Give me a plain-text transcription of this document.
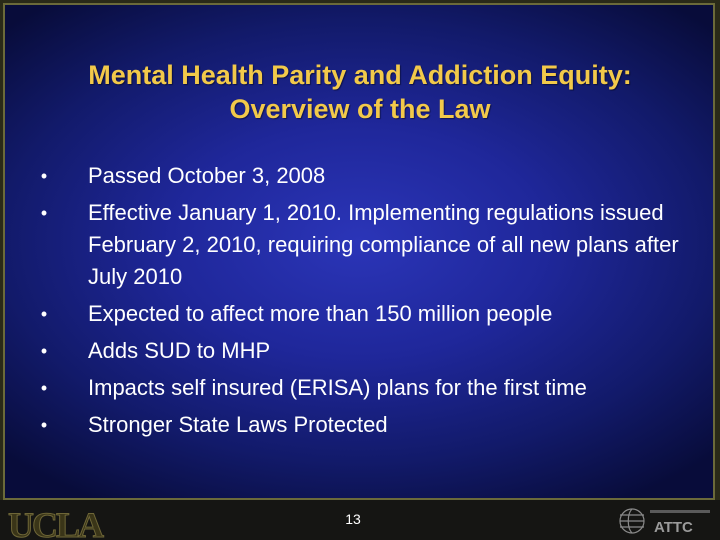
Mental Health Parity and Addiction Equity: Overview of the Law
•	Passed October 3, 2008
•	Effective January 1, 2010. Implementing regulations issued February 2, 2010, requiring compliance of all new plans after July 2010
•	Expected to affect more than 150 million people
•	Adds SUD to MHP
•	Impacts self insured (ERISA) plans for the first time
•	Stronger State Laws Protected
13
UCLA	ATTC
